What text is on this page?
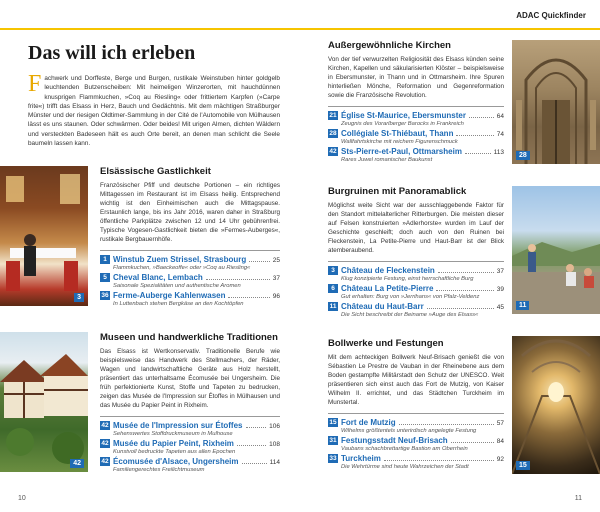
ADAC Quickfinder
Das will ich erleben
Fachwerk und Dorffeste, Berge und Burgen, rustikale Weinstuben hinter goldgelb leuchtenden Butzenscheiben: Mit heimeligen Winzerorten, mit hauchdünnen knusprigen Flammkuchen, »Coq au Riesling« oder frittiertem Karpfen (»Carpe frite«) trifft das Elsass in Herz, Bauch und Gedächtnis. Mit dem mächtigen Straßburger Münster und der riesigen Oldtimer-Sammlung in der Cité de l'Automobile von Mülhausen lässt es uns staunen. Oder schwärmen. Oder beides! Mit urigen Almen, dichten Wäldern und versteckten Badeseen hält es auch Orte bereit, an denen man schlicht die Seele baumeln lassen kann.
3
Elsässische Gastlichkeit

Französischer Pfiff und deutsche Portionen – ein richtiges Mittagessen im Restaurant ist im Elsass heilig. Entsprechend wichtig ist den Einheimischen auch die Mittagspause. Erstaunlich lange, bis ins Jahr 2016, waren daher in Straßburg öffentliche Parkplätze zwischen 12 und 14 Uhr gebührenfrei. Typische Vogesen-Gastlichkeit bieten die »Fermes-Auberges«, rustikale Bergbauernhöfe.

1 Winstub Zuem Strissel, Strasbourg	25
Flammkuchen, »Baeckeoffe« oder »Coq au Riesling«
5 Cheval Blanc, Lembach	37
Saisonale Spezialitäten und authentische Aromen
36 Ferme-Auberge Kahlenwasen	96
In Luttenbach stehen Bergkäse an den Kochtöpfen
42
Museen und handwerkliche Traditionen

Das Elsass ist Wertkonservativ. Traditionelle Berufe wie beispielsweise das Handwerk des Stellmachers, der Räder, Wagen und landwirtschaftliche Geräte aus Holz herstellt, präsentiert das unterhaltsame Écomusée bei Ungersheim. Die früh perfektionierte Kunst, Stoffe und Tapeten zu bedrucken, zeigen das Musée de l'Impression sur Étoffes in Mülhausen und das Musée du Papier Peint in Rixheim.

42 Musée de l'Impression sur Étoffes	106
Sehenswertes Stoffdruckmuseum in Mulhouse
42 Musée du Papier Peint, Rixheim	108
Kunstvoll bedruckte Tapeten aus allen Epochen
42 Écomusée d'Alsace, Ungersheim	114
Familiengerechtes Freilichtmuseum
10
Außergewöhnliche Kirchen

Von der tief verwurzelten Religiosität des Elsass künden seine Kirchen, Kapellen und säkularisierten Klöster – beispielsweise in Ebersmunster, in Thann und in Ottmarsheim. Ihre Spuren hinterließen Mönche, Reformation und Gegenreformation sowie die Französische Revolution.

21 Église St-Maurice, Ebersmunster	64
Zeugnis des Vorarlberger Barocks in Frankreich
28 Collégiale St-Thiébaut, Thann	74
Wallfahrtskirche mit reichem Figurenschmuck
42 Sts-Pierre-et-Paul, Ottmarsheim	113
Rares Juwel romanischer Baukunst
28
Burgruinen mit Panoramablick

Möglichst weite Sicht war der ausschlaggebende Faktor für den Standort mittelalterlicher Ritterburgen. Die meisten dieser auf Felsen konstruierten »Adlerhorste« wurden im Lauf der Geschichte geschleift; doch auch von den Ruinen bei Fleckenstein, La Petite-Pierre und Haut-Barr ist der Blick atemberaubend.

3 Château de Fleckenstein	37
Klug konzipierte Festung, einst herrschaftliche Burg
6 Château La Petite-Pierre	39
Gut erhalten: Burg von »Jerrihans« von Pfalz-Veldenz
11 Château du Haut-Barr	45
Die Sicht beschreibt der Beiname »Auge des Elsass«
11
Bollwerke und Festungen

Mit dem achteckigen Bollwerk Neuf-Brisach genießt die von Sébastien Le Prestre de Vauban in der Rheinebene aus dem Boden gestampfte Militärstadt den Schutz der UNESCO. Weit präsentieren sich einst auch das Fort de Mutzig, von Kaiser Wilhelm II. errichtet, und das Städtchen Turckheim im Munstertal.

15 Fort de Mutzig	57
Wilhelms größtentels unterirdisch angelegte Festung
31 Festungsstadt Neuf-Brisach	84
Vaubans schachbrettartige Bastion am Oberrhein
33 Turckheim	92
Die Wehrtürme sind heute Wahrzeichen der Stadt	15
11
